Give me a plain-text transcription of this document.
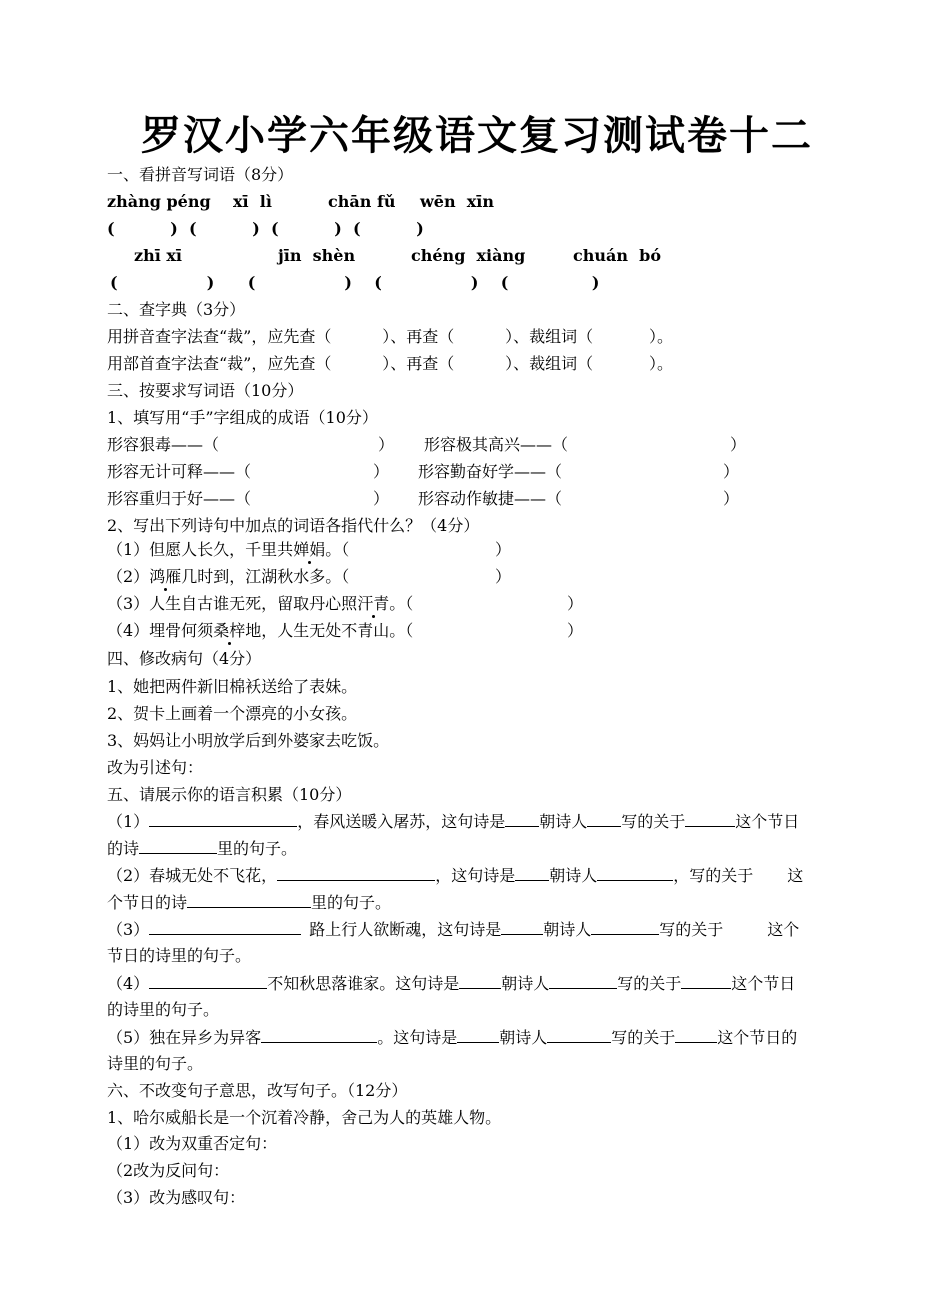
罗汉小学六年级语文复习测试卷十二
一、看拼音写词语（8分）
zhàng péng xī  lì	chān fǔ wēn  xīn
(          )  (          )  (          )  (          )
zhī xī	jīn  shèn	chéng  xiàng	chuán  bó
(                )      (                )    (                )    (               )
二、查字典（3分）
用拼音查字法查“裁”，应先查（          ）、再查（          ）、裁组词（           ）。
用部首查字法查“裁”，应先查（          ）、再查（          ）、裁组词（           ）。
三、按要求写词语（10分）
1、填写用“手”字组成的成语（10分）
形容狠毒——（	） 形容极其高兴——（	）
形容无计可释——（	） 形容勤奋好学——（	）
形容重归于好——（	） 形容动作敏捷——（	）
2、写出下列诗句中加点的词语各指代什么？（4分）
（1）但愿人长久，千里共婵娟。（	）
（2）鸿雁几时到，江湖秋水多。（	）
（3）人生自古谁无死，留取丹心照汗青。（	）
（4）埋骨何须桑梓地，人生无处不青山。（	）
四、修改病句（4分）
1、她把两件新旧棉袄送给了表妹。
2、贺卡上画着一个漂亮的小女孩。
3、妈妈让小明放学后到外婆家去吃饭。
改为引述句：
五、请展示你的语言积累（10分）
（1）	，春风送暖入屠苏，这句诗是 朝诗人 写的关于	这个节日
的诗	里的句子。
（2）春城无处不飞花，	，这句诗是 朝诗人	，写的关于 这
个节日的诗	里的句子。
（3）	路上行人欲断魂，这句诗是	朝诗人	写的关于	这个
节日的诗里的句子。
（4）	不知秋思落谁家。这句诗是	朝诗人	写的关于	这个节日
的诗里的句子。
（5）独在异乡为异客	。这句诗是	朝诗人	写的关于	这个节日的
诗里的句子。
六、不改变句子意思，改写句子。（12分）
1、哈尔威船长是一个沉着冷静，舍己为人的英雄人物。
（1）改为双重否定句：
（2改为反问句：
（3）改为感叹句：
